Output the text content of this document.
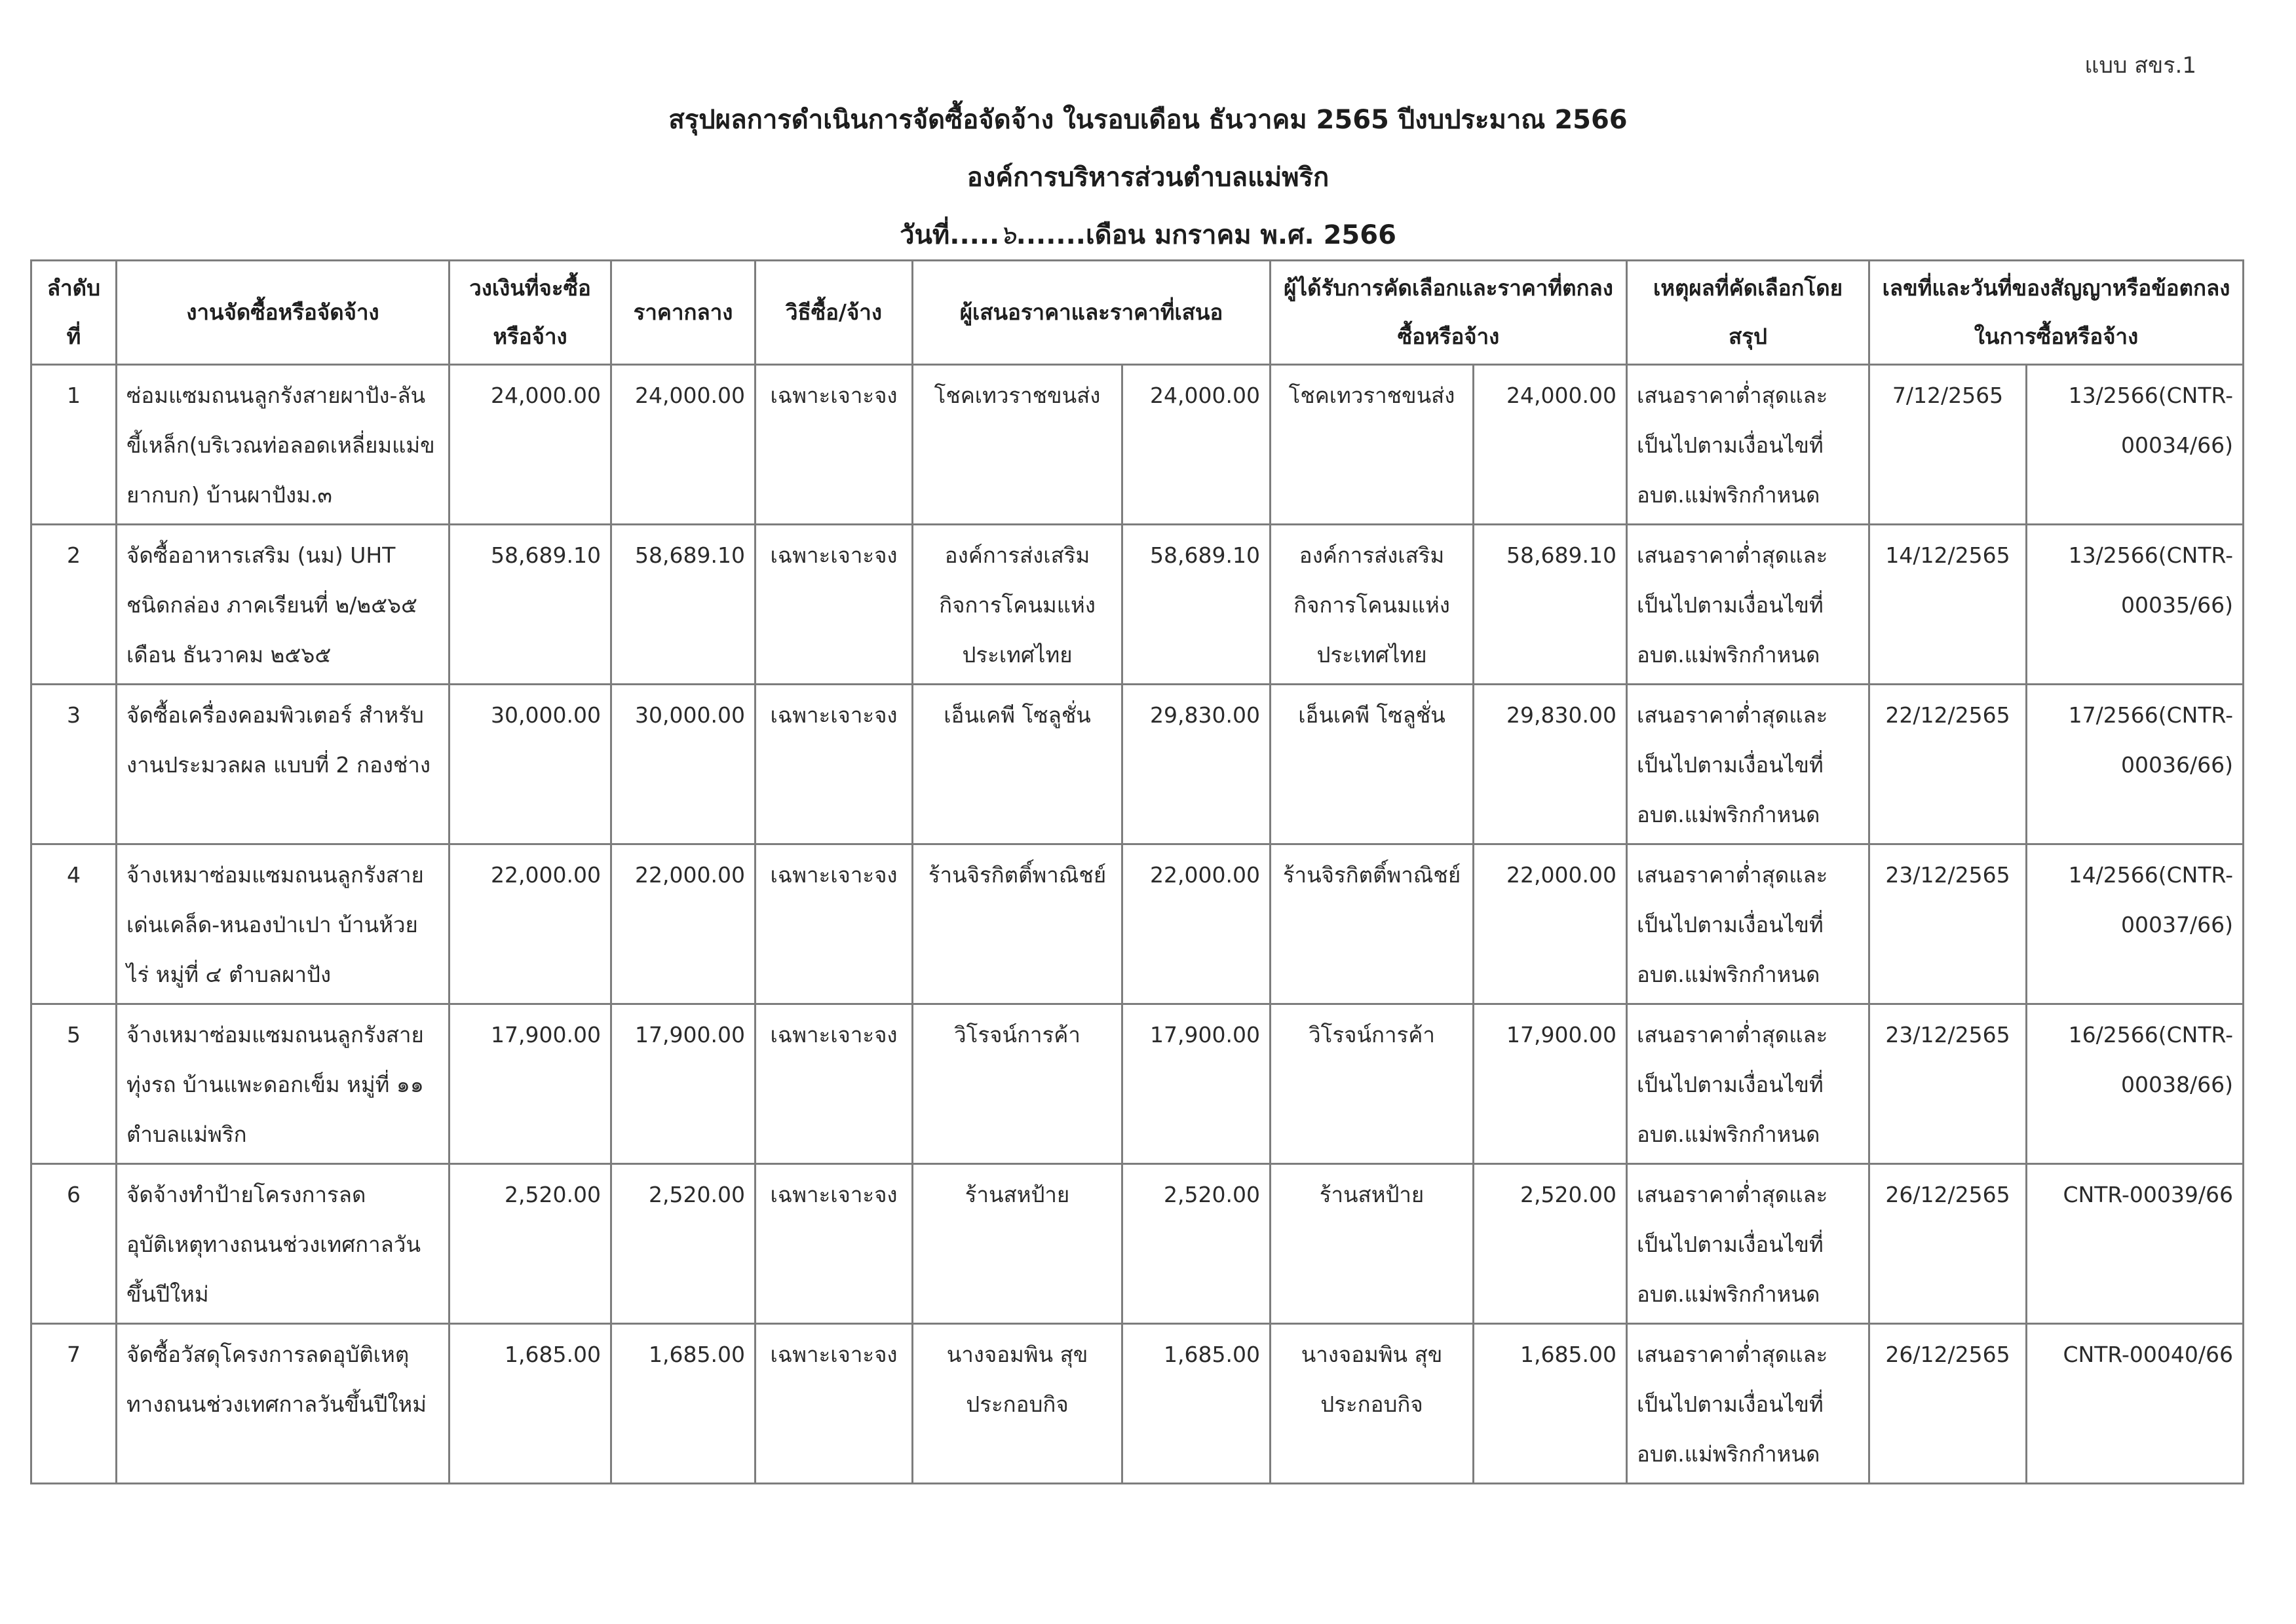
แบบ สขร.1
สรุปผลการดำเนินการจัดซื้อจัดจ้าง ในรอบเดือน ธันวาคม 2565 ปีงบประมาณ 2566
องค์การบริหารส่วนตำบลแม่พริก
วันที่.....๖.......เดือน มกราคม พ.ศ. 2566
ลำดับที่	งานจัดซื้อหรือจัดจ้าง	วงเงินที่จะซื้อหรือจ้าง	ราคากลาง	วิธีซื้อ/จ้าง	ผู้เสนอราคาและราคาที่เสนอ		ผู้ได้รับการคัดเลือกและราคาที่ตกลงซื้อหรือจ้าง		เหตุผลที่คัดเลือกโดยสรุป	เลขที่และวันที่ของสัญญาหรือข้อตกลงในการซื้อหรือจ้าง	
1	ซ่อมแซมถนนลูกรังสายผาปัง-ลันขี้เหล็ก(บริเวณท่อลอดเหลี่ยมแม่ขยากบก) บ้านผาปังม.๓	24,000.00	24,000.00	เฉพาะเจาะจง	โชคเทวราชขนส่ง	24,000.00	โชคเทวราชขนส่ง	24,000.00	เสนอราคาต่ำสุดและเป็นไปตามเงื่อนไขที่ อบต.แม่พริกกำหนด	7/12/2565	13/2566(CNTR-00034/66)
2	จัดซื้ออาหารเสริม (นม) UHT ชนิดกล่อง ภาคเรียนที่ ๒/๒๕๖๕ เดือน ธันวาคม ๒๕๖๕	58,689.10	58,689.10	เฉพาะเจาะจง	องค์การส่งเสริมกิจการโคนมแห่งประเทศไทย	58,689.10	องค์การส่งเสริมกิจการโคนมแห่งประเทศไทย	58,689.10	เสนอราคาต่ำสุดและเป็นไปตามเงื่อนไขที่ อบต.แม่พริกกำหนด	14/12/2565	13/2566(CNTR-00035/66)
3	จัดซื้อเครื่องคอมพิวเตอร์ สำหรับงานประมวลผล แบบที่ 2 กองช่าง	30,000.00	30,000.00	เฉพาะเจาะจง	เอ็นเคพี โซลูชั่น	29,830.00	เอ็นเคพี โซลูชั่น	29,830.00	เสนอราคาต่ำสุดและเป็นไปตามเงื่อนไขที่ อบต.แม่พริกกำหนด	22/12/2565	17/2566(CNTR-00036/66)
4	จ้างเหมาซ่อมแซมถนนลูกรังสายเด่นเคล็ด-หนองป่าเปา บ้านห้วยไร่ หมู่ที่ ๔ ตำบลผาปัง	22,000.00	22,000.00	เฉพาะเจาะจง	ร้านจิรกิตติ์พาณิชย์	22,000.00	ร้านจิรกิตติ์พาณิชย์	22,000.00	เสนอราคาต่ำสุดและเป็นไปตามเงื่อนไขที่ อบต.แม่พริกกำหนด	23/12/2565	14/2566(CNTR-00037/66)
5	จ้างเหมาซ่อมแซมถนนลูกรังสายทุ่งรถ บ้านแพะดอกเข็ม หมู่ที่ ๑๑ ตำบลแม่พริก	17,900.00	17,900.00	เฉพาะเจาะจง	วิโรจน์การค้า	17,900.00	วิโรจน์การค้า	17,900.00	เสนอราคาต่ำสุดและเป็นไปตามเงื่อนไขที่ อบต.แม่พริกกำหนด	23/12/2565	16/2566(CNTR-00038/66)
6	จัดจ้างทำป้ายโครงการลดอุบัติเหตุทางถนนช่วงเทศกาลวันขึ้นปีใหม่	2,520.00	2,520.00	เฉพาะเจาะจง	ร้านสหป้าย	2,520.00	ร้านสหป้าย	2,520.00	เสนอราคาต่ำสุดและเป็นไปตามเงื่อนไขที่ อบต.แม่พริกกำหนด	26/12/2565	CNTR-00039/66
7	จัดซื้อวัสดุโครงการลดอุบัติเหตุทางถนนช่วงเทศกาลวันขึ้นปีใหม่	1,685.00	1,685.00	เฉพาะเจาะจง	นางจอมพิน สุขประกอบกิจ	1,685.00	นางจอมพิน สุขประกอบกิจ	1,685.00	เสนอราคาต่ำสุดและเป็นไปตามเงื่อนไขที่ อบต.แม่พริกกำหนด	26/12/2565	CNTR-00040/66
